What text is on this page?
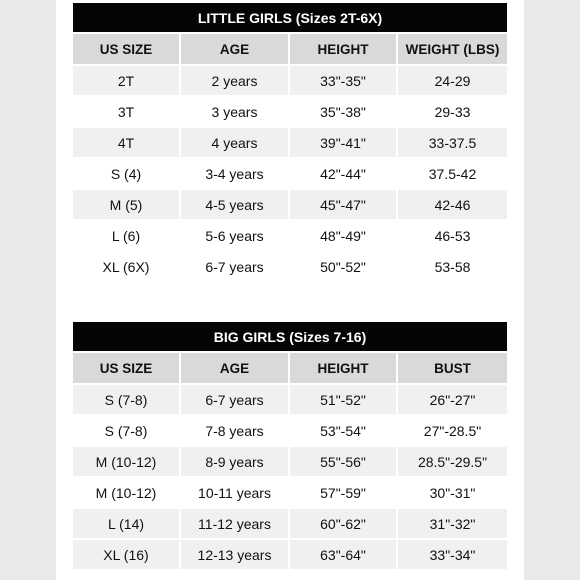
LITTLE GIRLS (Sizes 2T-6X)
US SIZE	AGE	HEIGHT	WEIGHT (LBS)
2T	2 years	33"-35"	24-29
3T	3 years	35"-38"	29-33
4T	4 years	39"-41"	33-37.5
S (4)	3-4 years	42"-44"	37.5-42
M (5)	4-5 years	45"-47"	42-46
L (6)	5-6 years	48"-49"	46-53
XL (6X)	6-7 years	50"-52"	53-58
BIG GIRLS (Sizes 7-16)
US SIZE	AGE	HEIGHT	BUST
S (7-8)	6-7 years	51"-52"	26"-27"
S (7-8)	7-8 years	53"-54"	27"-28.5"
M (10-12)	8-9 years	55"-56"	28.5"-29.5"
M (10-12)	10-11 years	57"-59"	30"-31"
L (14)	11-12 years	60"-62"	31"-32"
XL (16)	12-13 years	63"-64"	33"-34"
